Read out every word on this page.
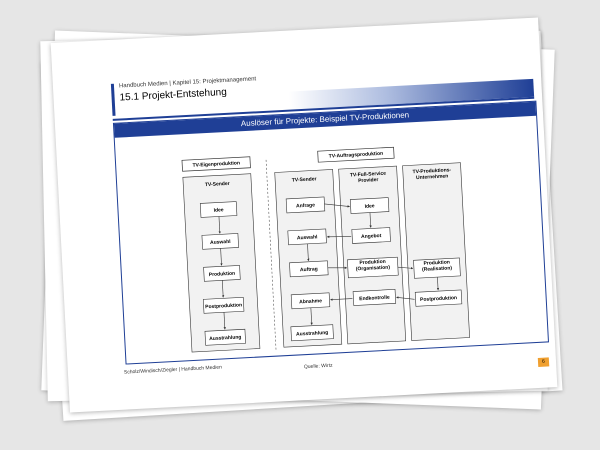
Handbuch Medien | Kapitel 15: Projektmanagement
15.1 Projekt-Entstehung
Auslöser für Projekte: Beispiel TV-Produktionen
TV-Eigenproduktion
TV-Sender
Idee
Auswahl
Produktion
Postproduktion
Ausstrahlung
TV-Auftragsproduktion
TV-Sender
Anfrage
Auswahl
Auftrag
Abnahme
Ausstrahlung
TV-Full-Service Provider
Idee
Angebot
Produktion (Organisation)
Endkontrolle
TV-Produktions-Unternehmen
Produktion (Realisation)
Postproduktion
Scholz/Windisch/Ziegler | Handbuch Medien	Quelle: Wirtz
6
